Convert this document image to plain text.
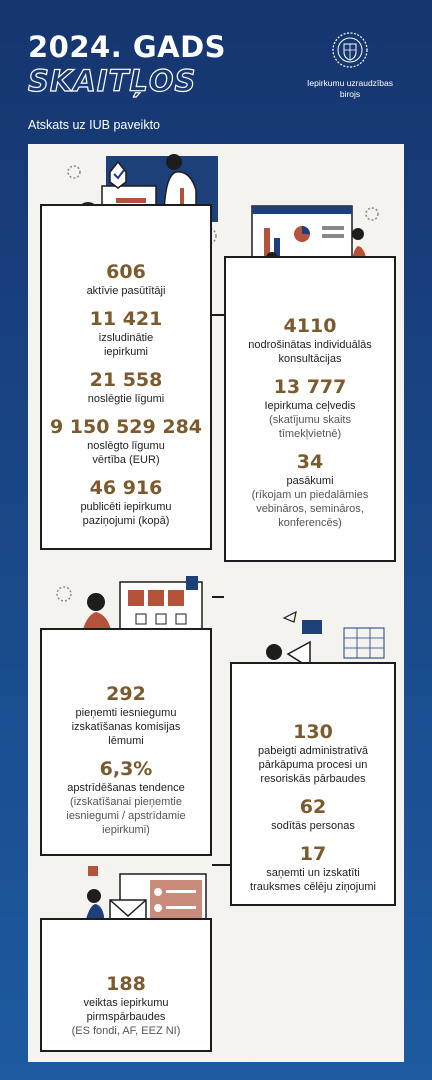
2024. GADS
SKAITĻOS
Atskats uz IUB paveikto
Iepirkumu uzraudzības
birojs
606
aktīvie pasūtītāji
11 421
izsludinātie iepirkumi
21 558
noslēgtie līgumi
9 150 529 284
noslēgto līgumu vērtība (EUR)
46 916
publicēti iepirkumu paziņojumi (kopā)
4110
nodrošinātas individuālās konsultācijas
13 777
Iepirkuma ceļvedis
(skatījumu skaits tīmekļvietnē)
34
pasākumi
(rīkojam un piedalāmies vebināros, semināros, konferencēs)
292
pieņemti iesniegumu izskatīšanas komisijas lēmumi
6,3%
apstrīdēšanas tendence
(izskatīšanai pieņemtie iesniegumi / apstrīdamie iepirkumi)
130
pabeigti administratīvā pārkāpuma procesi un resoriskās pārbaudes
62
sodītās personas
17
saņemti un izskatīti trauksmes cēlēju ziņojumi
188
veiktas iepirkumu pirmspārbaudes
(ES fondi, AF, EEZ NI)
